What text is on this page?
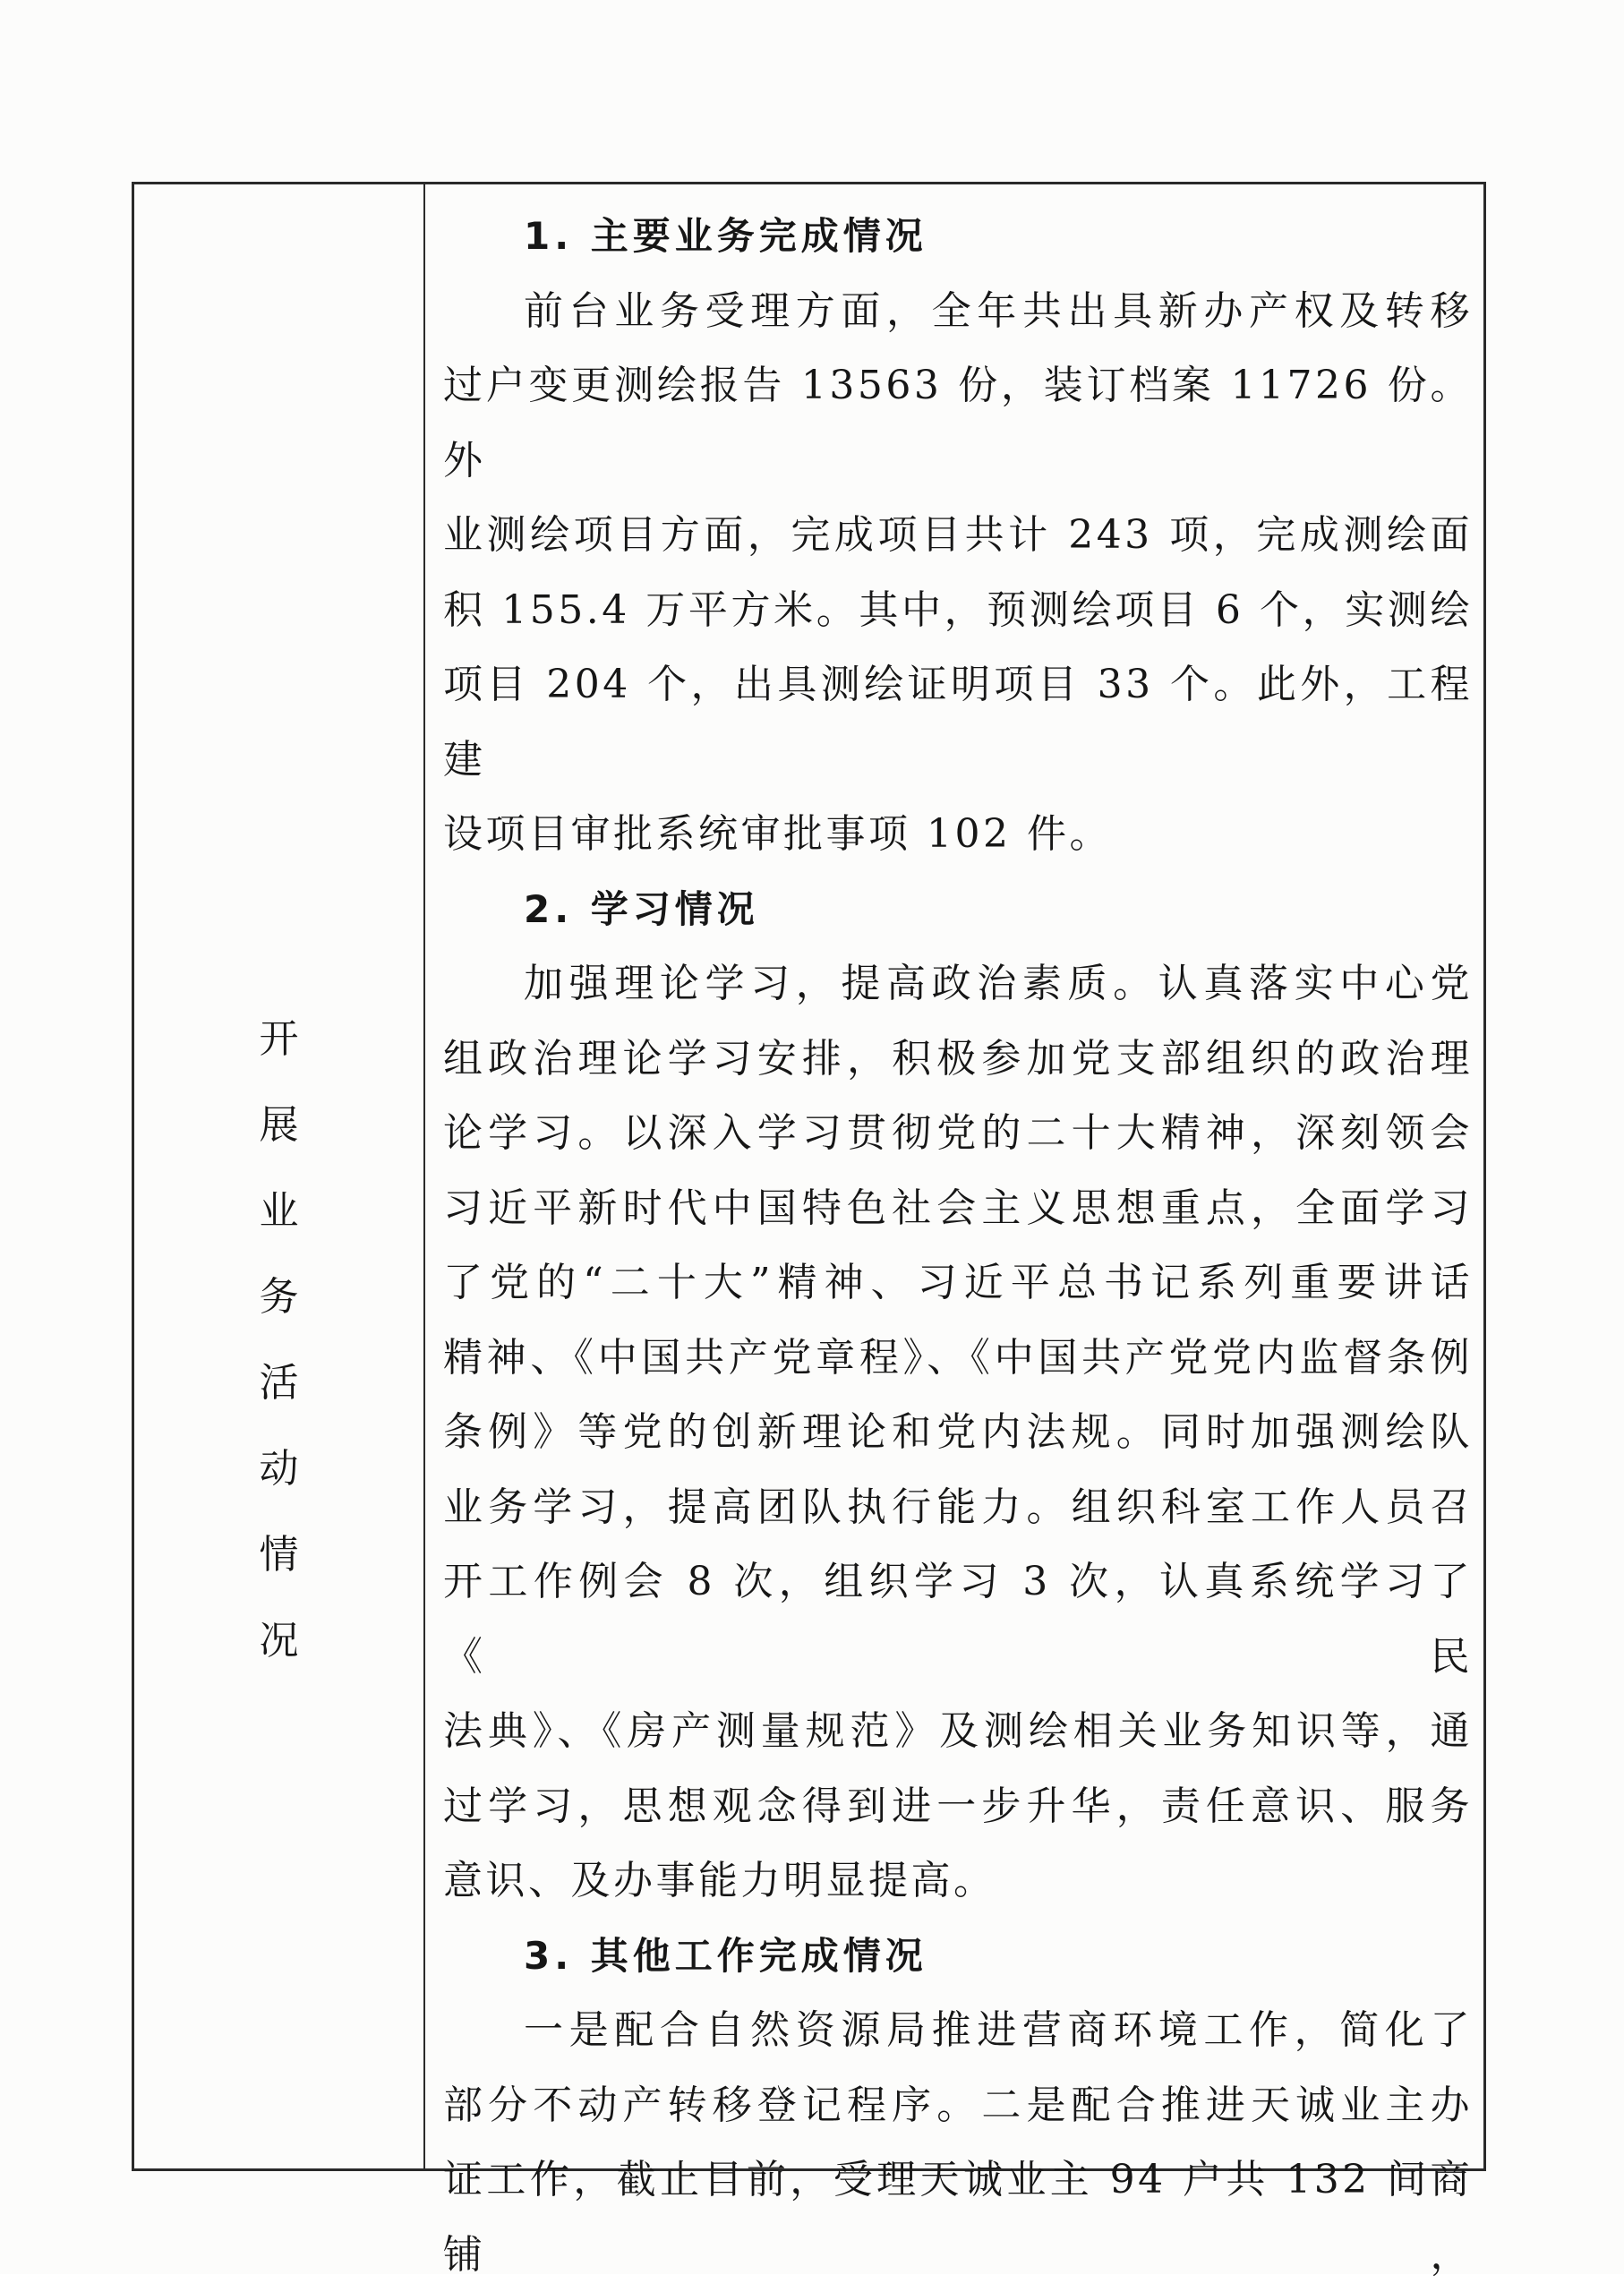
开
展
业
务
活
动
情
况

1. 主要业务完成情况

前台业务受理方面，全年共出具新办产权及转移

过户变更测绘报告 13563 份，装订档案 11726 份。外

业测绘项目方面，完成项目共计 243 项，完成测绘面

积 155.4 万平方米。其中，预测绘项目 6 个，实测绘

项目 204 个，出具测绘证明项目 33 个。此外，工程建

设项目审批系统审批事项 102 件。

2. 学习情况

加强理论学习，提高政治素质。认真落实中心党

组政治理论学习安排，积极参加党支部组织的政治理

论学习。以深入学习贯彻党的二十大精神，深刻领会

习近平新时代中国特色社会主义思想重点，全面学习

了党的“二十大”精神、习近平总书记系列重要讲话

精神、《中国共产党章程》、《中国共产党党内监督条例

条例》等党的创新理论和党内法规。同时加强测绘队

业务学习，提高团队执行能力。组织科室工作人员召

开工作例会 8 次，组织学习 3 次，认真系统学习了《民

法典》、《房产测量规范》及测绘相关业务知识等，通

过学习，思想观念得到进一步升华，责任意识、服务

意识、及办事能力明显提高。

3. 其他工作完成情况

一是配合自然资源局推进营商环境工作，简化了

部分不动产转移登记程序。二是配合推进天诚业主办

证工作，截止目前，受理天诚业主 94 户共 132 间商铺，
